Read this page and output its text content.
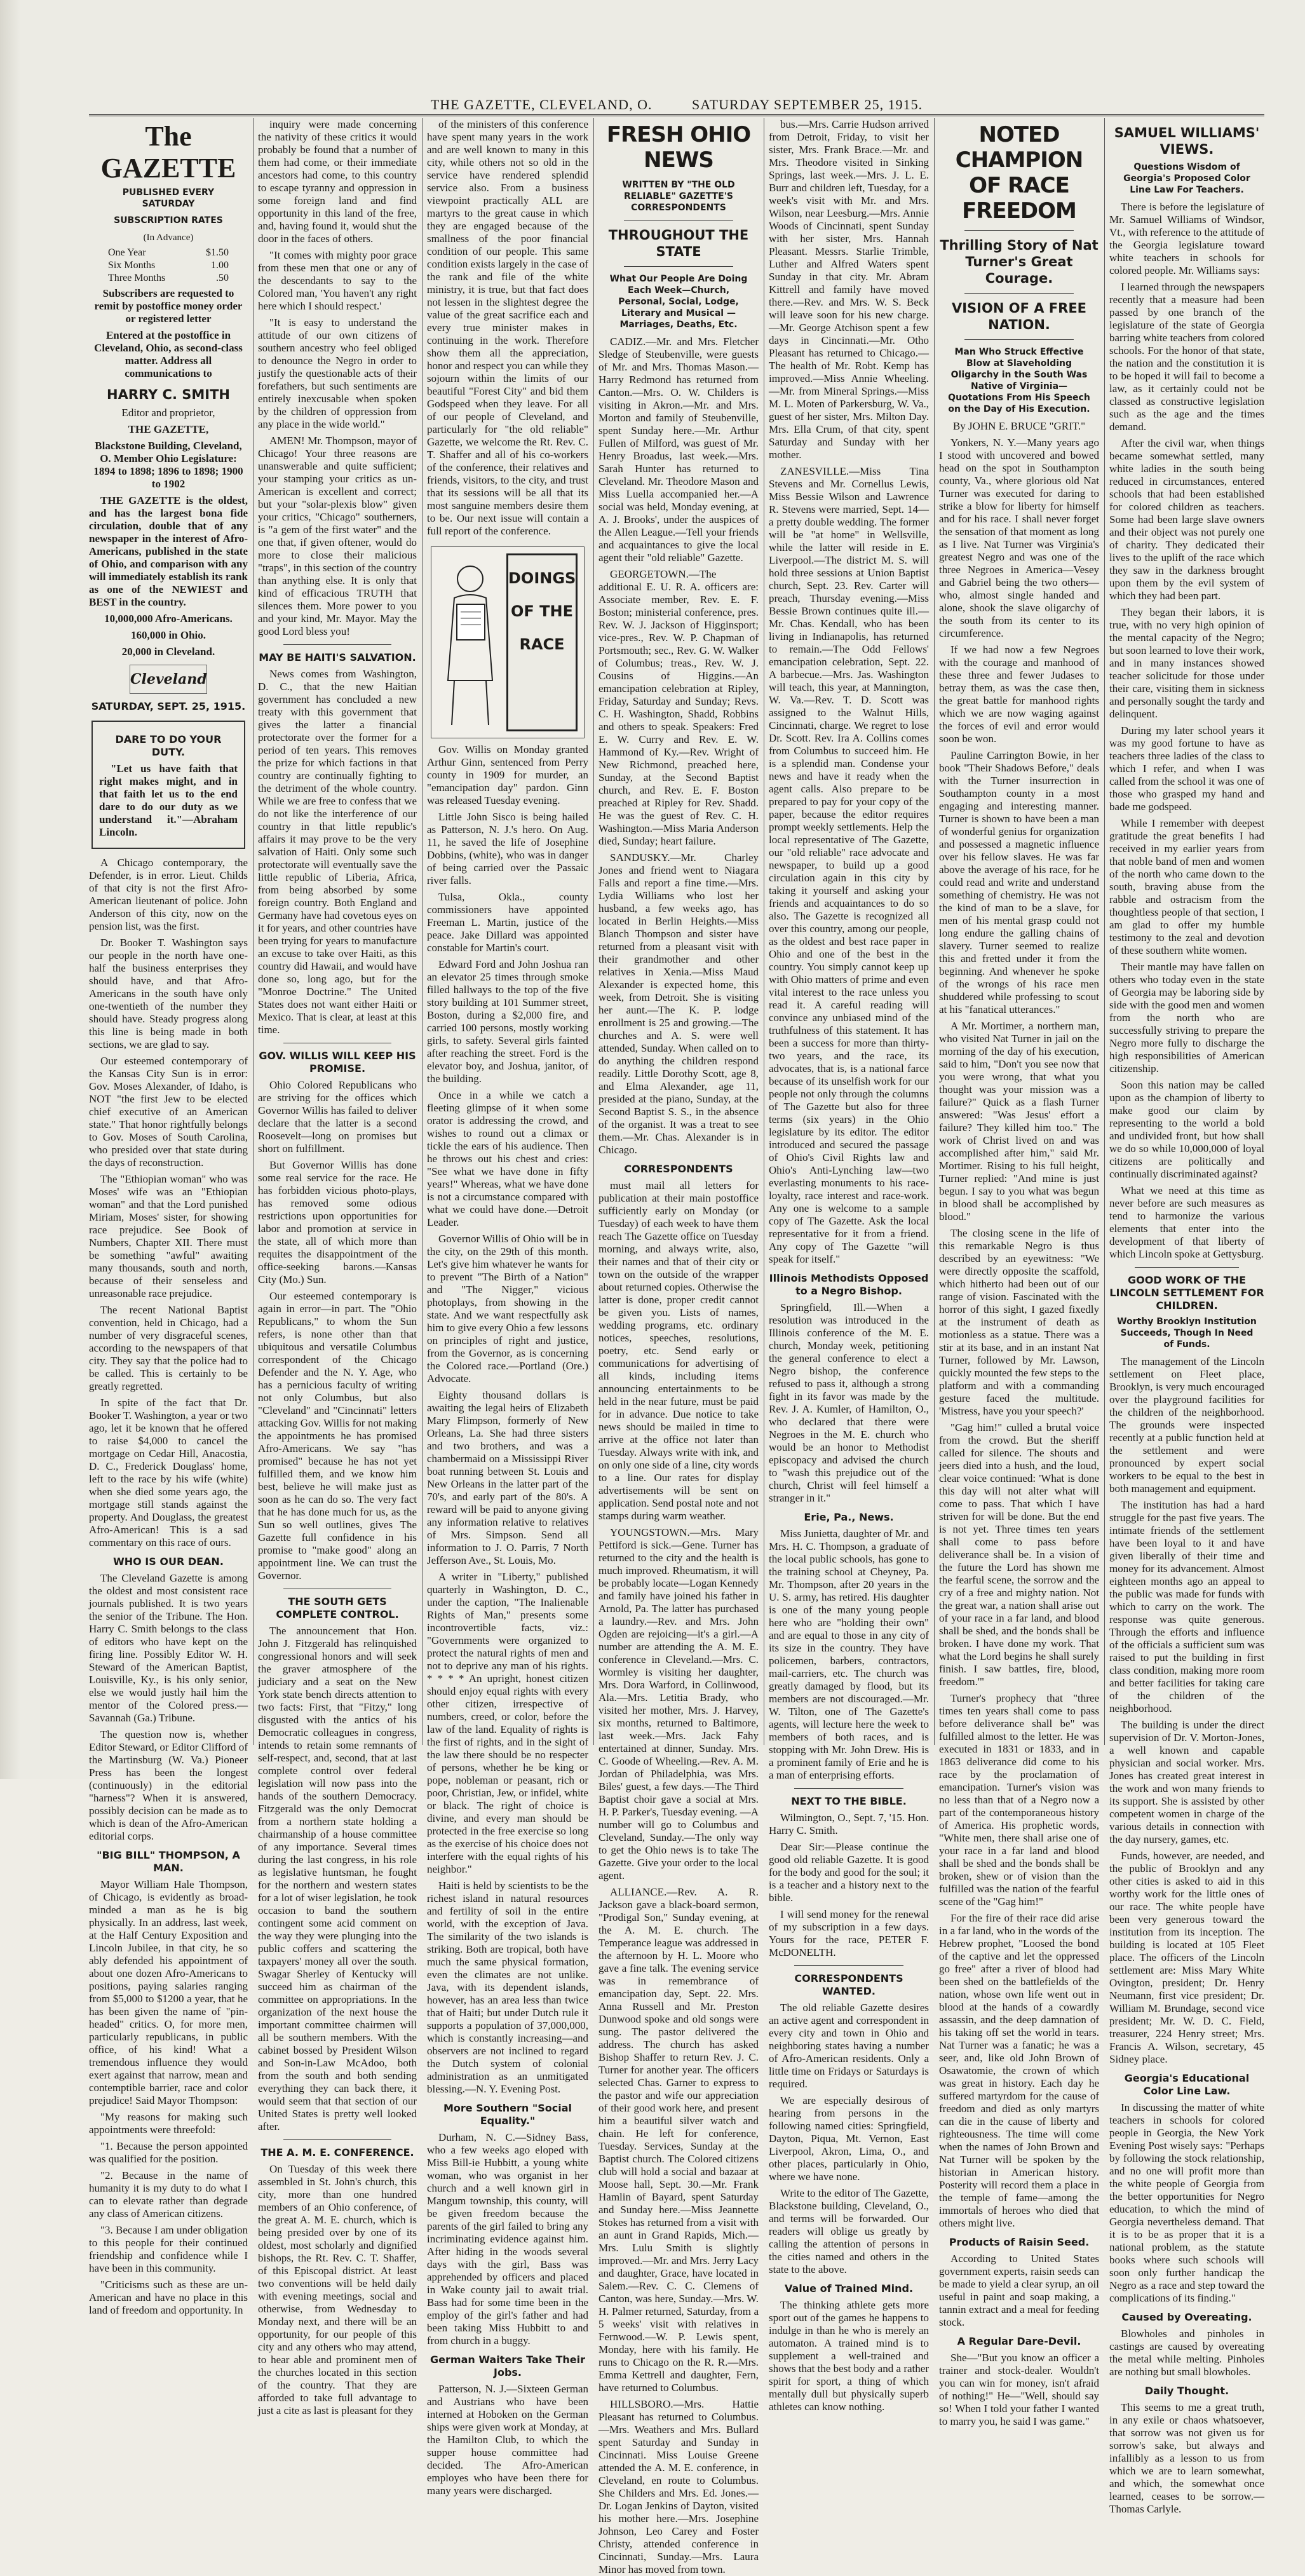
THE GAZETTE, CLEVELAND, O.	SATURDAY SEPTEMBER 25, 1915.
The GAZETTE
PUBLISHED EVERY SATURDAY
SUBSCRIPTION RATES
(In Advance)
One Year	$1.50
Six Months	1.00
Three Months	.50

Subscribers are requested to remit by postoffice money order or registered letter

Entered at the postoffice in Cleveland, Ohio, as second-class matter. Address all communications to

HARRY C. SMITH

Editor and proprietor,

THE GAZETTE,

Blackstone Building, Cleveland, O. Member Ohio Legislature: 1894 to 1898; 1896 to 1898; 1900 to 1902

THE GAZETTE is the oldest, and has the largest bona fide circulation, double that of any newspaper in the interest of Afro-Americans, published in the state of Ohio, and comparison with any will immediately establish its rank as one of the NEWIEST and BEST in the country.

10,000,000 Afro-Americans.

160,000 in Ohio.

20,000 in Cleveland.

Cleveland
SATURDAY, SEPT. 25, 1915.
DARE TO DO YOUR DUTY.

"Let us have faith that right makes might, and in that faith let us to the end dare to do our duty as we understand it."—Abraham Lincoln.

A Chicago contemporary, the Defender, is in error. Lieut. Childs of that city is not the first Afro-American lieutenant of police. John Anderson of this city, now on the pension list, was the first.

Dr. Booker T. Washington says our people in the north have one-half the business enterprises they should have, and that Afro-Americans in the south have only one-twentieth of the number they should have. Steady progress along this line is being made in both sections, we are glad to say.

Our esteemed contemporary of the Kansas City Sun is in error: Gov. Moses Alexander, of Idaho, is NOT "the first Jew to be elected chief executive of an American state." That honor rightfully belongs to Gov. Moses of South Carolina, who presided over that state during the days of reconstruction.

The "Ethiopian woman" who was Moses' wife was an "Ethiopian woman" and that the Lord punished Miriam, Moses' sister, for showing race prejudice. See Book of Numbers, Chapter XII. There must be something "awful" awaiting many thousands, south and north, because of their senseless and unreasonable race prejudice.

The recent National Baptist convention, held in Chicago, had a number of very disgraceful scenes, according to the newspapers of that city. They say that the police had to be called. This is certainly to be greatly regretted.

In spite of the fact that Dr. Booker T. Washington, a year or two ago, let it be known that he offered to raise $4,000 to cancel the mortgage on Cedar Hill, Anacostia, D. C., Frederick Douglass' home, left to the race by his wife (white) when she died some years ago, the mortgage still stands against the property. And Douglass, the greatest Afro-American! This is a sad commentary on this race of ours.

WHO IS OUR DEAN.

The Cleveland Gazette is among the oldest and most consistent race journals published. It is two years the senior of the Tribune. The Hon. Harry C. Smith belongs to the class of editors who have kept on the firing line. Possibly Editor W. H. Steward of the American Baptist, Louisville, Ky., is his only senior, else we would justly hail him the mentor of the Colored press.—Savannah (Ga.) Tribune.

The question now is, whether Editor Steward, or Editor Clifford of the Martinsburg (W. Va.) Pioneer Press has been the longest (continuously) in the editorial "harness"? When it is answered, possibly decision can be made as to which is dean of the Afro-American editorial corps.

"BIG BILL" THOMPSON, A MAN.

Mayor William Hale Thompson, of Chicago, is evidently as broad-minded a man as he is big physically. In an address, last week, at the Half Century Exposition and Lincoln Jubilee, in that city, he so ably defended his appointment of about one dozen Afro-Americans to positions, paying salaries ranging from $5,000 to $1200 a year, that he has been given the name of "pin-headed" critics. O, for more men, particularly republicans, in public office, of his kind! What a tremendous influence they would exert against that narrow, mean and contemptible barrier, race and color prejudice! Said Mayor Thompson:

"My reasons for making such appointments were threefold:

"1. Because the person appointed was qualified for the position.

"2. Because in the name of humanity it is my duty to do what I can to elevate rather than degrade any class of American citizens.

"3. Because I am under obligation to this people for their continued friendship and confidence while I have been in this community.

"Criticisms such as these are un-American and have no place in this land of freedom and opportunity. In

inquiry were made concerning the nativity of these critics it would probably be found that a number of them had come, or their immediate ancestors had come, to this country to escape tyranny and oppression in some foreign land and find opportunity in this land of the free, and, having found it, would shut the door in the faces of others.

"It comes with mighty poor grace from these men that one or any of the descendants to say to the Colored man, 'You haven't any right here which I should respect.'

"It is easy to understand the attitude of our own citizens of southern ancestry who feel obliged to denounce the Negro in order to justify the questionable acts of their forefathers, but such sentiments are entirely inexcusable when spoken by the children of oppression from any place in the wide world."

AMEN! Mr. Thompson, mayor of Chicago! Your three reasons are unanswerable and quite sufficient; your stamping your critics as un-American is excellent and correct; but your "solar-plexis blow" given your critics, "Chicago" southerners, is "a gem of the first water" and the one that, if given oftener, would do more to close their malicious "traps", in this section of the country than anything else. It is only that kind of efficacious TRUTH that silences them. More power to you and your kind, Mr. Mayor. May the good Lord bless you!

MAY BE HAITI'S SALVATION.

News comes from Washington, D. C., that the new Haitian government has concluded a new treaty with this government that gives the latter a financial protectorate over the former for a period of ten years. This removes the prize for which factions in that country are continually fighting to the detriment of the whole country. While we are free to confess that we do not like the interference of our country in that little republic's affairs it may prove to be the very salvation of Haiti. Only some such protectorate will eventually save the little republic of Liberia, Africa, from being absorbed by some foreign country. Both England and Germany have had covetous eyes on it for years, and other countries have been trying for years to manufacture an excuse to take over Haiti, as this country did Hawaii, and would have done so, long ago, but for the "Monroe Doctrine." The United States does not want either Haiti or Mexico. That is clear, at least at this time.

GOV. WILLIS WILL KEEP HIS PROMISE.

Ohio Colored Republicans who are striving for the offices which Governor Willis has failed to deliver declare that the latter is a second Roosevelt—long on promises but short on fulfillment.

But Governor Willis has done some real service for the race. He has forbidden vicious photo-plays, has removed some odious restrictions upon opportunities for labor and promotion at service in the state, all of which more than requites the disappointment of the office-seeking barons.—Kansas City (Mo.) Sun.

Our esteemed contemporary is again in error—in part. The "Ohio Republicans," to whom the Sun refers, is none other than that ubiquitous and versatile Columbus correspondent of the Chicago Defender and the N. Y. Age, who has a pernicious faculty of writing not only Columbus, but also "Cleveland" and "Cincinnati" letters attacking Gov. Willis for not making the appointments he has promised Afro-Americans. We say "has promised" because he has not yet fulfilled them, and we know him best, believe he will make just as soon as he can do so. The very fact that he has done much for us, as the Sun so well outlines, gives The Gazette full confidence in his promise to "make good" along an appointment line. We can trust the Governor.

THE SOUTH GETS COMPLETE CONTROL.

The announcement that Hon. John J. Fitzgerald has relinquished congressional honors and will seek the graver atmosphere of the judiciary and a seat on the New York state bench directs attention to two facts: First, that "Fitzy," long disgusted with the antics of his Democratic colleagues in congress, intends to retain some remnants of self-respect, and, second, that at last complete control over federal legislation will now pass into the hands of the southern Democracy. Fitzgerald was the only Democrat from a northern state holding a chairmanship of a house committee of any importance. Several times during the last congress, in his role as legislative huntsman, he fought for the northern and western states for a lot of wiser legislation, he took occasion to band the southern contingent some acid comment on the way they were plunging into the public coffers and scattering the taxpayers' money all over the south. Swagar Sherley of Kentucky will succeed him as chairman of the committee on appropriations. In the organization of the next house the important committee chairmen will all be southern members. With the cabinet bossed by President Wilson and Son-in-Law McAdoo, both from the south and both sending everything they can back there, it would seem that that section of our United States is pretty well looked after.

THE A. M. E. CONFERENCE.

On Tuesday of this week there assembled in St. John's church, this city, more than one hundred members of an Ohio conference, of the great A. M. E. church, which is being presided over by one of its oldest, most scholarly and dignified bishops, the Rt. Rev. C. T. Shaffer, of this Episcopal district. At least two conventions will be held daily with evening meetings, social and otherwise, from Wednesday to Monday next, and there will be an opportunity, for our people of this city and any others who may attend, to hear able and prominent men of the churches located in this section of the country. That they are afforded to take full advantage to just a cite as last is pleasant for they

of the ministers of this conference have spent many years in the work and are well known to many in this city, while others not so old in the service have rendered splendid service also. From a business viewpoint practically ALL are martyrs to the great cause in which they are engaged because of the smallness of the poor financial condition of our people. This same condition exists largely in the case of the rank and file of the white ministry, it is true, but that fact does not lessen in the slightest degree the value of the great sacrifice each and every true minister makes in continuing in the work. Therefore show them all the appreciation, honor and respect you can while they sojourn within the limits of our beautiful "Forest City" and bid them Godspeed when they leave. For all of our people of Cleveland, and particularly for "the old reliable" Gazette, we welcome the Rt. Rev. C. T. Shaffer and all of his co-workers of the conference, their relatives and friends, visitors, to the city, and trust that its sessions will be all that its most sanguine members desire them to be. Our next issue will contain a full report of the conference.

DOINGS OF THE RACE

Gov. Willis on Monday granted Arthur Ginn, sentenced from Perry county in 1909 for murder, an "emancipation day" pardon. Ginn was released Tuesday evening.

Little John Sisco is being hailed as Patterson, N. J.'s hero. On Aug. 11, he saved the life of Josephine Dobbins, (white), who was in danger of being carried over the Passaic river falls.

Tulsa, Okla., county commissioners have appointed Freeman L. Martin, justice of the peace. Jake Dillard was appointed constable for Martin's court.

Edward Ford and John Joshua ran an elevator 25 times through smoke filled hallways to the top of the five story building at 101 Summer street, Boston, during a $2,000 fire, and carried 100 persons, mostly working girls, to safety. Several girls fainted after reaching the street. Ford is the elevator boy, and Joshua, janitor, of the building.

Once in a while we catch a fleeting glimpse of it when some orator is addressing the crowd, and wishes to round out a climax or tickle the ears of his audience. Then he throws out his chest and cries: "See what we have done in fifty years!" Whereas, what we have done is not a circumstance compared with what we could have done.—Detroit Leader.

Governor Willis of Ohio will be in the city, on the 29th of this month. Let's give him whatever he wants for to prevent "The Birth of a Nation" and "The Nigger," vicious photoplays, from showing in the state. And we want respectfully ask him to give every Ohio a few lessons on principles of right and justice, from the Governor, as is concerning the Colored race.—Portland (Ore.) Advocate.

Eighty thousand dollars is awaiting the legal heirs of Elizabeth Mary Flimpson, formerly of New Orleans, La. She had three sisters and two brothers, and was a chambermaid on a Mississippi River boat running between St. Louis and New Orleans in the latter part of the 70's, and early part of the 80's. A reward will be paid to anyone giving any information relative to relatives of Mrs. Simpson. Send all information to J. O. Parris, 7 North Jefferson Ave., St. Louis, Mo.

A writer in "Liberty," published quarterly in Washington, D. C., under the caption, "The Inalienable Rights of Man," presents some incontrovertible facts, viz.: "Governments were organized to protect the natural rights of men and not to deprive any man of his rights. * * * * An upright, honest citizen should enjoy equal rights with every other citizen, irrespective of numbers, creed, or color, before the law of the land. Equality of rights is the first of rights, and in the sight of the law there should be no respecter of persons, whether he be king or pope, nobleman or peasant, rich or poor, Christian, Jew, or infidel, white or black. The right of choice is divine, and every man should be protected in the free exercise so long as the exercise of his choice does not interfere with the equal rights of his neighbor."

Haiti is held by scientists to be the richest island in natural resources and fertility of soil in the entire world, with the exception of Java. The similarity of the two islands is striking. Both are tropical, both have much the same physical formation, even the climates are not unlike. Java, with its dependent islands, however, has an area less than twice that of Haiti; but under Dutch rule it supports a population of 37,000,000, which is constantly increasing—and observers are not inclined to regard the Dutch system of colonial administration as an unmitigated blessing.—N. Y. Evening Post.

More Southern "Social Equality."

Durham, N. C.—Sidney Bass, who a few weeks ago eloped with Miss Bill-ie Hubbitt, a young white woman, who was organist in her church and a well known girl in Mangum township, this county, will be given freedom because the parents of the girl failed to bring any incriminating evidence against him. After hiding in the woods several days with the girl, Bass was apprehended by officers and placed in Wake county jail to await trial. Bass had for some time been in the employ of the girl's father and had been taking Miss Hubbitt to and from church in a buggy.

German Waiters Take Their Jobs.

Patterson, N. J.—Sixteen German and Austrians who have been interned at Hoboken on the German ships were given work at Monday, at the Hamilton Club, to which the supper house committee had decided. The Afro-American employes who have been there for many years were discharged.

FRESH OHIO NEWS
WRITTEN BY "THE OLD RELIABLE" GAZETTE'S CORRESPONDENTS
THROUGHOUT THE STATE
What Our People Are Doing Each Week—Church, Personal, Social, Lodge, Literary and Musical — Marriages, Deaths, Etc.

CADIZ.—Mr. and Mrs. Fletcher Sledge of Steubenville, were guests of Mr. and Mrs. Thomas Mason.—Harry Redmond has returned from Canton.—Mrs. O. W. Childers is visiting in Akron.—Mr. and Mrs. Morton and family of Steubenville, spent Sunday here.—Mr. Arthur Fullen of Milford, was guest of Mr. Henry Broadus, last week.—Mrs. Sarah Hunter has returned to Cleveland. Mr. Theodore Mason and Miss Luella accompanied her.—A social was held, Monday evening, at A. J. Brooks', under the auspices of the Allen League.—Tell your friends and acquaintances to give the local agent their "old reliable" Gazette.

GEORGETOWN.—The additional E. U. R. A. officers are: Associate member, Rev. E. F. Boston; ministerial conference, pres. Rev. W. J. Jackson of Higginsport; vice-pres., Rev. W. P. Chapman of Portsmouth; sec., Rev. G. W. Walker of Columbus; treas., Rev. W. J. Cousins of Higgins.—An emancipation celebration at Ripley, Friday, Saturday and Sunday; Revs. C. H. Washington, Shadd, Robbins and others to speak. Speakers: Fred E. W. Curry and Rev. E. W. Hammond of Ky.—Rev. Wright of New Richmond, preached here, Sunday, at the Second Baptist church, and Rev. E. F. Boston preached at Ripley for Rev. Shadd. He was the guest of Rev. C. H. Washington.—Miss Maria Anderson died, Sunday; heart failure.

SANDUSKY.—Mr. Charley Jones and friend went to Niagara Falls and report a fine time.—Mrs. Lydia Williams who lost her husband, a few weeks ago, has located in Berlin Heights.—Miss Blanch Thompson and sister have returned from a pleasant visit with their grandmother and other relatives in Xenia.—Miss Maud Alexander is expected home, this week, from Detroit. She is visiting her aunt.—The K. P. lodge enrollment is 25 and growing.—The churches and A. S. were well attended, Sunday. When called on to do anything the children respond readily. Little Dorothy Scott, age 8, and Elma Alexander, age 11, presided at the piano, Sunday, at the Second Baptist S. S., in the absence of the organist. It was a treat to see them.—Mr. Chas. Alexander is in Chicago.

CORRESPONDENTS

must mail all letters for publication at their main postoffice sufficiently early on Monday (or Tuesday) of each week to have them reach The Gazette office on Tuesday morning, and always write, also, their names and that of their city or town on the outside of the wrapper about returned copies. Otherwise the latter is done, proper credit cannot be given you. Lists of names, wedding programs, etc. ordinary notices, speeches, resolutions, poetry, etc. Send early or communications for advertising of all kinds, including items announcing entertainments to be held in the near future, must be paid for in advance. Due notice to take news should be mailed in time to arrive at the office not later than Tuesday. Always write with ink, and on only one side of a line, city words to a line. Our rates for display advertisements will be sent on application. Send postal note and not stamps during warm weather.

YOUNGSTOWN.—Mrs. Mary Pettiford is sick.—Gene. Turner has returned to the city and the health is much improved. Rheumatism, it will be probably locate—Logan Kennedy and family have joined his father in Arnold, Pa. The latter has purchased a laundry.—Rev. and Mrs. John Ogden are rejoicing—it's a girl.—A number are attending the A. M. E. conference in Cleveland.—Mrs. C. Wormley is visiting her daughter, Mrs. Dora Warford, in Collinwood, Ala.—Mrs. Letitia Brady, who visited her mother, Mrs. J. Harvey, six months, returned to Baltimore, last week.—Mrs. Jack Fahy entertained at dinner, Sunday. Mrs. C. Goode of Wheeling.—Rev. A. M. Jordan of Philadelphia, was Mrs. Biles' guest, a few days.—The Third Baptist choir gave a social at Mrs. H. P. Parker's, Tuesday evening. —A number will go to Columbus and Cleveland, Sunday.—The only way to get the Ohio news is to take The Gazette. Give your order to the local agent.

ALLIANCE.—Rev. A. R. Jackson gave a black-board sermon, "Prodigal Son," Sunday evening, at the A. M. E. church. The Temperance league was addressed in the afternoon by H. L. Moore who gave a fine talk. The evening service was in remembrance of emancipation day, Sept. 22. Mrs. Anna Russell and Mr. Preston Dunwood spoke and old songs were sung. The pastor delivered the address. The church has asked Bishop Shaffer to return Rev. J. C. Turner for another year. The officers selected Chas. Garner to express to the pastor and wife our appreciation of their good work here, and present him a beautiful silver watch and chain. He left for conference, Tuesday. Services, Sunday at the Baptist church. The Colored citizens club will hold a social and bazaar at Moose hall, Sept. 30.—Mr. Frank Hamlin of Bayard, spent Saturday and Sunday here.—Miss Jeannette Stokes has returned from a visit with an aunt in Grand Rapids, Mich.—Mrs. Lulu Smith is slightly improved.—Mr. and Mrs. Jerry Lacy and daughter, Grace, have located in Salem.—Rev. C. C. Clemens of Canton, was here, Sunday.—Mrs. W. H. Palmer returned, Saturday, from a 5 weeks' visit with relatives in Fernwood.—W. P. Lewis spent, Monday, here with his family. He runs to Chicago on the R. R.—Mrs. Emma Kettrell and daughter, Fern, have returned to Columbus.

HILLSBORO.—Mrs. Hattie Pleasant has returned to Columbus. —Mrs. Weathers and Mrs. Bullard spent Saturday and Sunday in Cincinnati. Miss Louise Greene attended the A. M. E. conference, in Cleveland, en route to Columbus. She Childers and Mrs. Ed. Jones.—Dr. Logan Jenkins of Dayton, visited his mother here.—Mrs. Josephine Johnson, Leo Carey and Foster Christy, attended conference in Cincinnati, Sunday.—Mrs. Laura Minor has moved from town.

bus.—Mrs. Carrie Hudson arrived from Detroit, Friday, to visit her sister, Mrs. Frank Brace.—Mr. and Mrs. Theodore visited in Sinking Springs, last week.—Mrs. J. L. E. Burr and children left, Tuesday, for a week's visit with Mr. and Mrs. Wilson, near Leesburg.—Mrs. Annie Woods of Cincinnati, spent Sunday with her sister, Mrs. Hannah Pleasant. Messrs. Starlie Trimble, Luther and Alfred Waters spent Sunday in that city. Mr. Abram Kittrell and family have moved there.—Rev. and Mrs. W. S. Beck will leave soon for his new charge.—Mr. George Atchison spent a few days in Cincinnati.—Mr. Otho Pleasant has returned to Chicago.—The health of Mr. Robt. Kemp has improved.—Miss Annie Wheeling.—Mr. from Mineral Springs.—Miss M. L. Moten of Parkersburg, W. Va., guest of her sister, Mrs. Milton Day. Mrs. Ella Crum, of that city, spent Saturday and Sunday with her mother.

ZANESVILLE.—Miss Tina Stevens and Mr. Cornellus Lewis, Miss Bessie Wilson and Lawrence R. Stevens were married, Sept. 14—a pretty double wedding. The former will be "at home" in Wellsville, while the latter will reside in E. Liverpool.—The district M. S. will hold three sessions at Union Baptist church, Sept. 23. Rev. Carter will preach, Thursday evening.—Miss Bessie Brown continues quite ill.—Mr. Chas. Kendall, who has been living in Indianapolis, has returned to remain.—The Odd Fellows' emancipation celebration, Sept. 22. A barbecue.—Mrs. Jas. Washington will teach, this year, at Mannington, W. Va.—Rev. T. D. Scott was assigned to the Walnut Hills, Cincinnati, charge. We regret to lose Dr. Scott. Rev. Ira A. Collins comes from Columbus to succeed him. He is a splendid man. Condense your news and have it ready when the agent calls. Also prepare to be prepared to pay for your copy of the paper, because the editor requires prompt weekly settlements. Help the local representative of The Gazette, our "old reliable" race advocate and newspaper, to build up a good circulation again in this city by taking it yourself and asking your friends and acquaintances to do so also. The Gazette is recognized all over this country, among our people, as the oldest and best race paper in Ohio and one of the best in the country. You simply cannot keep up with Ohio matters of prime and even vital interest to the race unless you read it. A careful reading will convince any unbiased mind of the truthfulness of this statement. It has been a success for more than thirty-two years, and the race, its advocates, that is, is a national farce because of its unselfish work for our people not only through the columns of The Gazette but also for three terms (six years) in the Ohio legislature by its editor. The editor introduced and secured the passage of Ohio's Civil Rights law and Ohio's Anti-Lynching law—two everlasting monuments to his race-loyalty, race interest and race-work. Any one is welcome to a sample copy of The Gazette. Ask the local representative for it from a friend. Any copy of The Gazette "will speak for itself."

Illinois Methodists Opposed to a Negro Bishop.

Springfield, Ill.—When a resolution was introduced in the Illinois conference of the M. E. church, Monday week, petitioning the general conference to elect a Negro bishop, the conference refused to pass it, although a strong fight in its favor was made by the Rev. J. A. Kumler, of Hamilton, O., who declared that there were Negroes in the M. E. church who would be an honor to Methodist episcopacy and advised the church to "wash this prejudice out of the church, Christ will feel himself a stranger in it."

Erie, Pa., News.

Miss Junietta, daughter of Mr. and Mrs. H. C. Thompson, a graduate of the local public schools, has gone to the training school at Cheyney, Pa. Mr. Thompson, after 20 years in the U. S. army, has retired. His daughter is one of the many young people here who are "holding their own" and are equal to those in any city of its size in the country. They have policemen, barbers, contractors, mail-carriers, etc. The church was greatly damaged by flood, but its members are not discouraged.—Mr. W. Tilton, one of The Gazette's agents, will lecture here the week to members of both races, and is stopping with Mr. John Drew. His is a prominent family of Erie and he is a man of enterprising efforts.

NEXT TO THE BIBLE.

Wilmington, O., Sept. 7, '15. Hon. Harry C. Smith.

Dear Sir:—Please continue the good old reliable Gazette. It is good for the body and good for the soul; it is a teacher and a history next to the bible.

I will send money for the renewal of my subscription in a few days. Yours for the race, PETER F. McDONELTH.

CORRESPONDENTS WANTED.

The old reliable Gazette desires an active agent and correspondent in every city and town in Ohio and neighboring states having a number of Afro-American residents. Only a little time on Fridays or Saturdays is required.

We are especially desirous of hearing from persons in the following named cities: Springfield, Dayton, Piqua, Mt. Vernon, East Liverpool, Akron, Lima, O., and other places, particularly in Ohio, where we have none.

Write to the editor of The Gazette, Blackstone building, Cleveland, O., and terms will be forwarded. Our readers will oblige us greatly by calling the attention of persons in the cities named and others in the state to the above.

Value of Trained Mind.

The thinking athlete gets more sport out of the games he happens to indulge in than he who is merely an automaton. A trained mind is to supplement a well-trained and shows that the best body and a rather spirit for sport, a thing of which mentally dull but physically superb athletes can know nothing.

NOTED CHAMPION OF RACE FREEDOM
Thrilling Story of Nat Turner's Great Courage.
VISION OF A FREE NATION.
Man Who Struck Effective Blow at Slaveholding Oligarchy in the South Was Native of Virginia—Quotations From His Speech on the Day of His Execution.

By JOHN E. BRUCE "GRIT."

Yonkers, N. Y.—Many years ago I stood with uncovered and bowed head on the spot in Southampton county, Va., where glorious old Nat Turner was executed for daring to strike a blow for liberty for himself and for his race. I shall never forget the sensation of that moment as long as I live. Nat Turner was Virginia's greatest Negro and was one of the three Negroes in America—Vesey and Gabriel being the two others—who, almost single handed and alone, shook the slave oligarchy of the south from its center to its circumference.

If we had now a few Negroes with the courage and manhood of these three and fewer Judases to betray them, as was the case then, the great battle for manhood rights which we are now waging against the forces of evil and error would soon be won.

Pauline Carrington Bowie, in her book "Their Shadows Before," deals with the Turner insurrection in Southampton county in a most engaging and interesting manner. Turner is shown to have been a man of wonderful genius for organization and possessed a magnetic influence over his fellow slaves. He was far above the average of his race, for he could read and write and understand something of chemistry. He was not the kind of man to be a slave, for men of his mental grasp could not long endure the galling chains of slavery. Turner seemed to realize this and fretted under it from the beginning. And whenever he spoke of the wrongs of his race men shuddered while professing to scout at his "fanatical utterances."

A Mr. Mortimer, a northern man, who visited Nat Turner in jail on the morning of the day of his execution, said to him, "Don't you see now that you were wrong, that what you thought was your mission was a failure?" Quick as a flash Turner answered: "Was Jesus' effort a failure? They killed him too." The work of Christ lived on and was accomplished after him," said Mr. Mortimer. Rising to his full height, Turner replied: "And mine is just begun. I say to you what was begun in blood shall be accomplished by blood."

The closing scene in the life of this remarkable Negro is thus described by an eyewitness: "We were directly opposite the scaffold, which hitherto had been out of our range of vision. Fascinated with the horror of this sight, I gazed fixedly at the instrument of death as motionless as a statue. There was a stir at its base, and in an instant Nat Turner, followed by Mr. Lawson, quickly mounted the few steps to the platform and with a commanding gesture faced the multitude. 'Mistress, have you your speech?'

"Gag him!" culled a brutal voice from the crowd. But the sheriff called for silence. The shouts and jeers died into a hush, and the loud, clear voice continued: 'What is done this day will not alter what will come to pass. That which I have striven for will be done. But the end is not yet. Three times ten years shall come to pass before deliverance shall be. In a vision of the future the Lord has shown me the fearful scene, the sorrow and the cry of a free and mighty nation. Not the great war, a nation shall arise out of your race in a far land, and blood shall be shed, and the bonds shall be broken. I have done my work. That what the Lord begins he shall surely finish. I saw battles, fire, blood, freedom.'"

Turner's prophecy that "three times ten years shall come to pass before deliverance shall be" was fulfilled almost to the letter. He was executed in 1831 or 1833, and in 1863 deliverance did come to his race by the proclamation of emancipation. Turner's vision was no less than that of a Negro now a part of the contemporaneous history of America. His prophetic words, "White men, there shall arise one of your race in a far land and blood shall be shed and the bonds shall be broken, shew or of vision than the fulfilled was the nation of the fearful scene of the "Gag him!"

For the fire of their race did arise in a far land, who in the words of the Hebrew prophet, "Loosed the bond of the captive and let the oppressed go free" after a river of blood had been shed on the battlefields of the nation, whose own life went out in blood at the hands of a cowardly assassin, and the deep damnation of his taking off set the world in tears. Nat Turner was a fanatic; he was a seer, and, like old John Brown of Osawatomie, the crown of which was great in history. Each day he suffered martyrdom for the cause of freedom and died as only martyrs can die in the cause of liberty and righteousness. The time will come when the names of John Brown and Nat Turner will be spoken by the historian in American history. Posterity will record them a place in the temple of fame—among the immortals of heroes who died that others might live.

Products of Raisin Seed.

According to United States government experts, raisin seeds can be made to yield a clear syrup, an oil useful in paint and soap making, a tannin extract and a meal for feeding stock.

A Regular Dare-Devil.

She—"But you know an officer a trainer and stock-dealer. Wouldn't you can win for money, isn't afraid of nothing!" He—"Well, should say so! When I told your father I wanted to marry you, he said I was game."

SAMUEL WILLIAMS' VIEWS.
Questions Wisdom of Georgia's Proposed Color Line Law For Teachers.

There is before the legislature of Mr. Samuel Williams of Windsor, Vt., with reference to the attitude of the Georgia legislature toward white teachers in schools for colored people. Mr. Williams says:

I learned through the newspapers recently that a measure had been passed by one branch of the legislature of the state of Georgia barring white teachers from colored schools. For the honor of that state, the nation and the constitution it is to be hoped it will fail to become a law, as it certainly could not be classed as constructive legislation such as the age and the times demand.

After the civil war, when things became somewhat settled, many white ladies in the south being reduced in circumstances, entered schools that had been established for colored children as teachers. Some had been large slave owners and their object was not purely one of charity. They dedicated their lives to the uplift of the race which they saw in the darkness brought upon them by the evil system of which they had been part.

They began their labors, it is true, with no very high opinion of the mental capacity of the Negro; but soon learned to love their work, and in many instances showed teacher solicitude for those under their care, visiting them in sickness and personally sought the tardy and delinquent.

During my later school years it was my good fortune to have as teachers three ladies of the class to which I refer, and when I was called from the school it was one of those who grasped my hand and bade me godspeed.

While I remember with deepest gratitude the great benefits I had received in my earlier years from that noble band of men and women of the north who came down to the south, braving abuse from the rabble and ostracism from the thoughtless people of that section, I am glad to offer my humble testimony to the zeal and devotion of these southern white women.

Their mantle may have fallen on others who today even in the state of Georgia may be laboring side by side with the good men and women from the north who are successfully striving to prepare the Negro more fully to discharge the high responsibilities of American citizenship.

Soon this nation may be called upon as the champion of liberty to make good our claim by representing to the world a bold and undivided front, but how shall we do so while 10,000,000 of loyal citizens are politically and continually discriminated against?

What we need at this time as never before are such measures as tend to harmonize the various elements that enter into the development of that liberty of which Lincoln spoke at Gettysburg.

GOOD WORK OF THE LINCOLN SETTLEMENT FOR CHILDREN.
Worthy Brooklyn Institution Succeeds, Though In Need of Funds.

The management of the Lincoln settlement on Fleet place, Brooklyn, is very much encouraged over the playground facilities for the children of the neighborhood. The grounds were inspected recently at a public function held at the settlement and were pronounced by expert social workers to be equal to the best in both management and equipment.

The institution has had a hard struggle for the past five years. The intimate friends of the settlement have been loyal to it and have given liberally of their time and money for its advancement. Almost eighteen months ago an appeal to the public was made for funds with which to carry on the work. The response was quite generous. Through the efforts and influence of the officials a sufficient sum was raised to put the building in first class condition, making more room and better facilities for taking care of the children of the neighborhood.

The building is under the direct supervision of Dr. V. Morton-Jones, a well known and capable physician and social worker. Mrs. Jones has created great interest in the work and won many friends to its support. She is assisted by other competent women in charge of the various details in connection with the day nursery, games, etc.

Funds, however, are needed, and the public of Brooklyn and any other cities is asked to aid in this worthy work for the little ones of our race. The white people have been very generous toward the institution from its inception. The building is located at 105 Fleet place. The officers of the Lincoln settlement are: Miss Mary White Ovington, president; Dr. Henry Neumann, first vice president; Dr. William M. Brundage, second vice president; Mr. W. D. C. Field, treasurer, 224 Henry street; Mrs. Francis A. Wilson, secretary, 45 Sidney place.

Georgia's Educational Color Line Law.

In discussing the matter of white teachers in schools for colored people in Georgia, the New York Evening Post wisely says: "Perhaps by following the stock relationship, and no one will profit more than the white people of Georgia from the better opportunities for Negro education, to which the mind of Georgia nevertheless demand. That it is to be as proper that it is a national problem, as the statute books where such schools will soon only further handicap the Negro as a race and step toward the complications of its finding."

Caused by Overeating.

Blowholes and pinholes in castings are caused by overeating the metal while melting. Pinholes are nothing but small blowholes.

Daily Thought.

This seems to me a great truth, in any exile or chaos whatsoever, that sorrow was not given us for sorrow's sake, but always and infallibly as a lesson to us from which we are to learn somewhat, and which, the somewhat once learned, ceases to be sorrow.—Thomas Carlyle.
